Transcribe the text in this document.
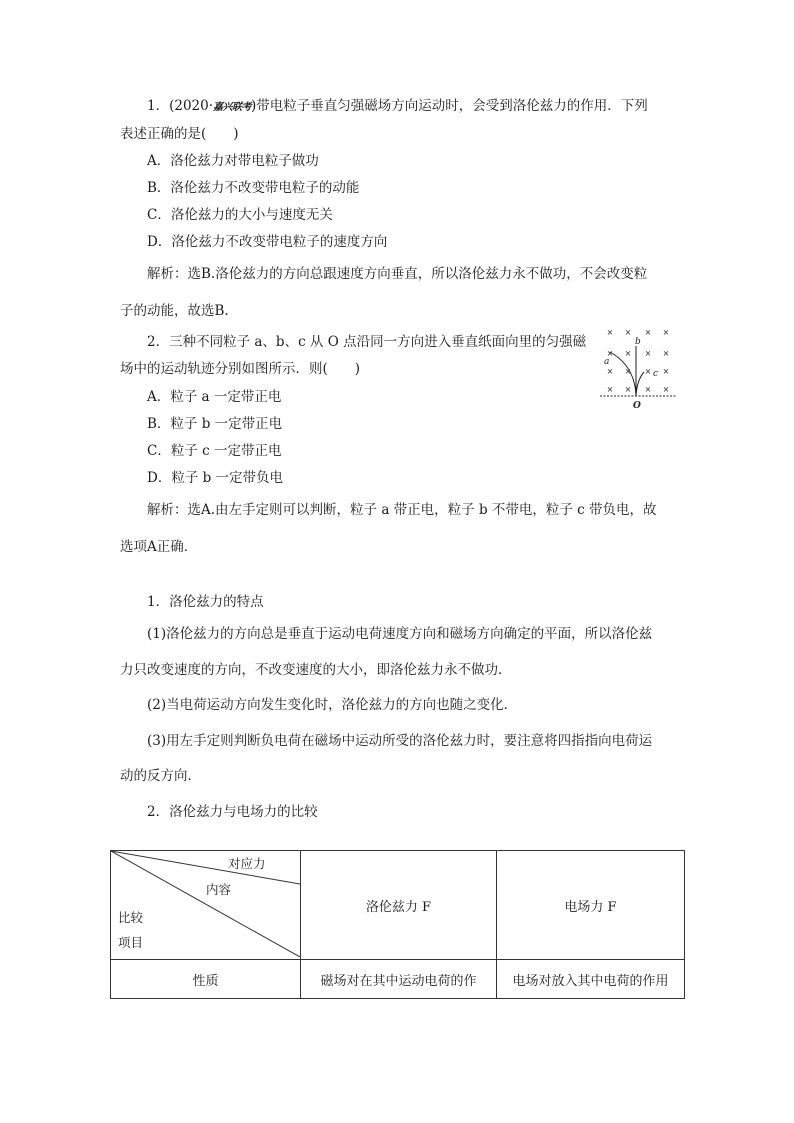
1．(2020·嘉兴联考)带电粒子垂直匀强磁场方向运动时，会受到洛伦兹力的作用．下列
表述正确的是(　　)
A．洛伦兹力对带电粒子做功
B．洛伦兹力不改变带电粒子的动能
C．洛伦兹力的大小与速度无关
D．洛伦兹力不改变带电粒子的速度方向
解析：选B.洛伦兹力的方向总跟速度方向垂直，所以洛伦兹力永不做功，不会改变粒
子的动能，故选B.
2．三种不同粒子 a、b、c 从 O 点沿同一方向进入垂直纸面向里的匀强磁
场中的运动轨迹分别如图所示．则(　　)
A．粒子 a 一定带正电
B．粒子 b 一定带正电
C．粒子 c 一定带正电
D．粒子 b 一定带负电
解析：选A.由左手定则可以判断，粒子 a 带正电，粒子 b 不带电，粒子 c 带负电，故
选项A正确．
× × × ×
× × × ×
× × × ×
× × × ×
a
b
c
O
1．洛伦兹力的特点
(1)洛伦兹力的方向总是垂直于运动电荷速度方向和磁场方向确定的平面，所以洛伦兹
力只改变速度的方向，不改变速度的大小，即洛伦兹力永不做功．
(2)当电荷运动方向发生变化时，洛伦兹力的方向也随之变化．
(3)用左手定则判断负电荷在磁场中运动所受的洛伦兹力时，要注意将四指指向电荷运
动的反方向．
2．洛伦兹力与电场力的比较
对应力
内容
比较
项目	洛伦兹力 F	电场力 F
性质	磁场对在其中运动电荷的作	电场对放入其中电荷的作用
